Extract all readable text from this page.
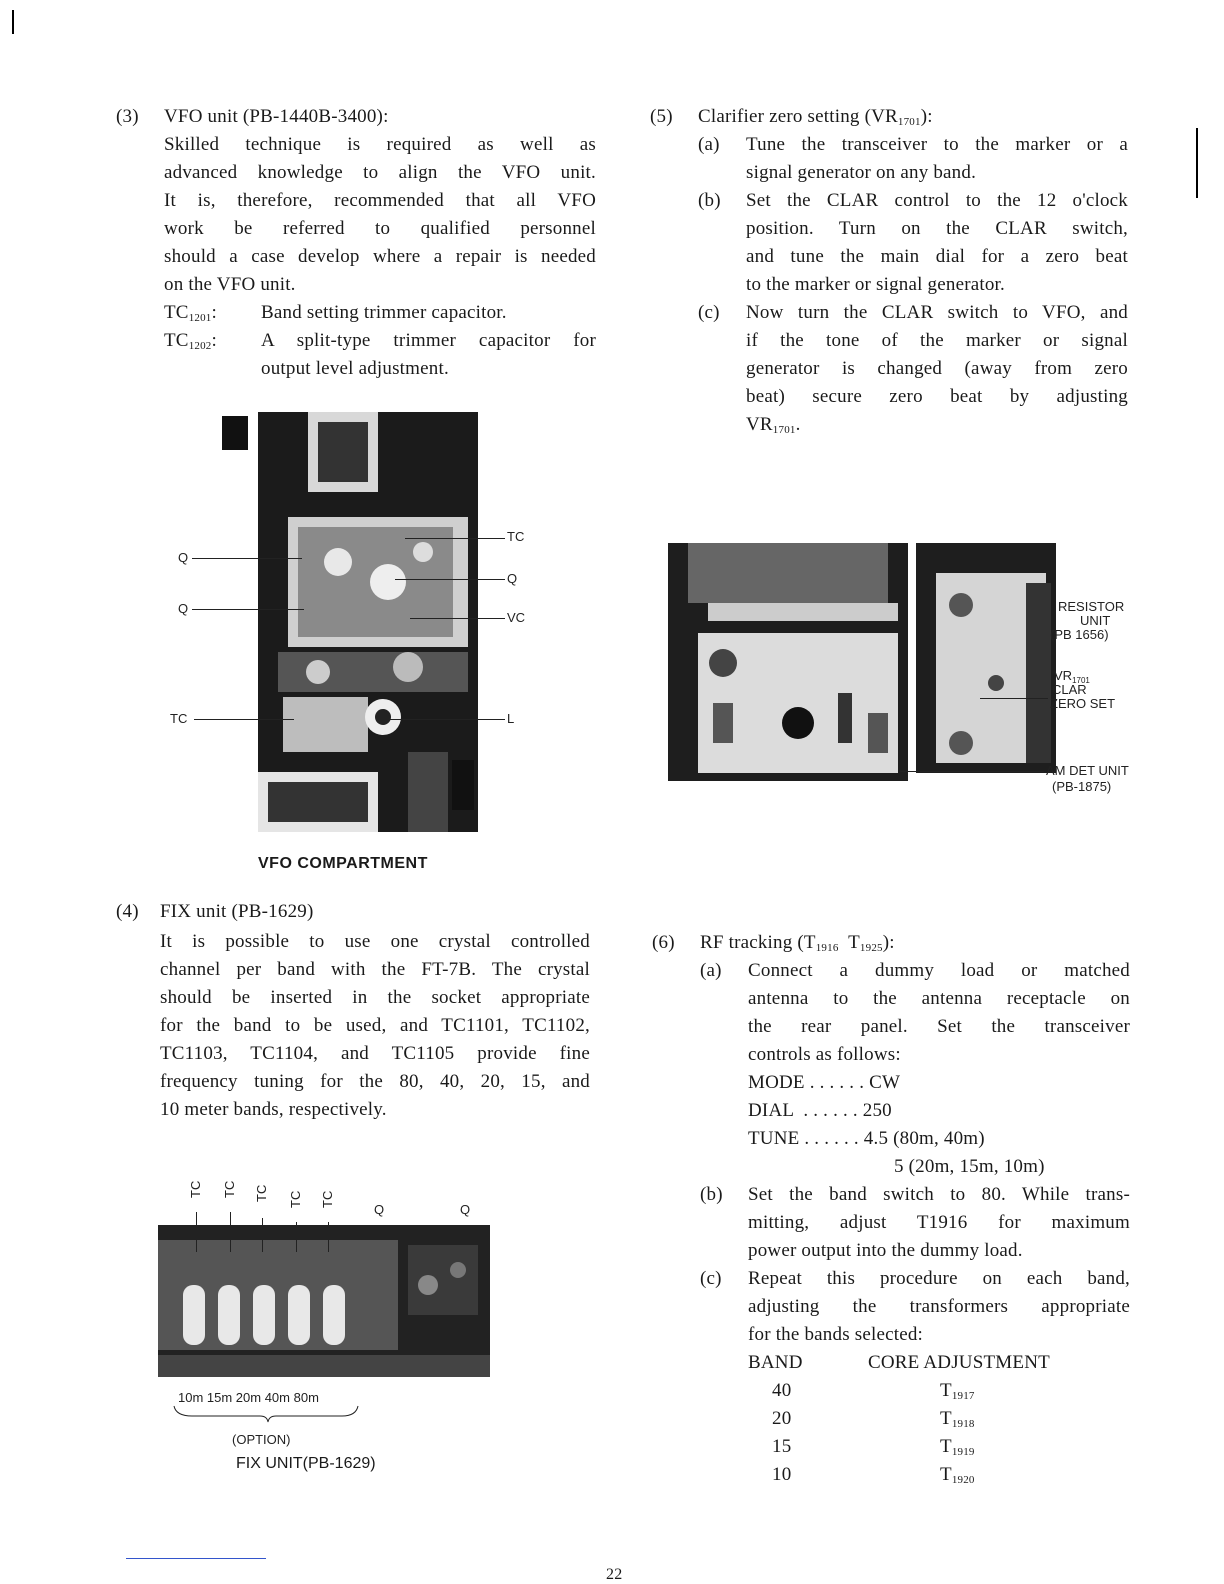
(3) VFO unit (PB-1440B-3400):
Skilled technique is required as well as
advanced knowledge to align the VFO unit.
It is, therefore, recommended that all VFO
work be referred to qualified personnel
should a case develop where a repair is needed
on the VFO unit.
$TC_{1201}$: Band setting trimmer capacitor.
$TC_{1202}$: A split-type trimmer capacitor for
output level adjustment.
TC
Q
VC
L
Q
Q
TC
VFO COMPARTMENT
(4) FIX unit (PB-1629)
It is possible to use one crystal controlled
channel per band with the FT-7B. The crystal
should be inserted in the socket appropriate
for the band to be used, and TC1101, TC1102,
TC1103, TC1104, and TC1105 provide fine
frequency tuning for the 80, 40, 20, 15, and
10 meter bands, respectively.
TC TC TC TC TC
Q	Q
10m 15m 20m 40m 80m
(OPTION)
FIX UNIT(PB-1629)
(5) Clarifier zero setting $(VR_{1701})$:
(a) Tune the transceiver to the marker or a
signal generator on any band.
(b) Set the CLAR control to the 12 o'clock
position. Turn on the CLAR switch,
and tune the main dial for a zero beat
to the marker or signal generator.
(c) Now turn the CLAR switch to VFO, and
if the tone of the marker or signal
generator is changed (away from zero
beat) secure zero beat by adjusting
$VR_{1701}$.
RESISTOR
UNIT
(PB 1656)
$VR_{1701}$
CLAR
ZERO SET
AM DET UNIT
(PB-1875)
(6) RF tracking ($T_{1916}$  $T_{1925}$):
(a) Connect a dummy load or matched
antenna to the antenna receptacle on
the rear panel. Set the transceiver
controls as follows:
MODE . . . . . . CW
DIAL  . . . . . . 250
TUNE . . . . . . 4.5 (80m, 40m)
5 (20m, 15m, 10m)
(b) Set the band switch to 80. While trans-
mitting, adjust T1916 for maximum
power output into the dummy load.
(c) Repeat this procedure on each band,
adjusting the transformers appropriate
for the bands selected:
BAND	CORE ADJUSTMENT
40	$T_{1917}$
20	$T_{1918}$
15	$T_{1919}$
10	$T_{1920}$
22
